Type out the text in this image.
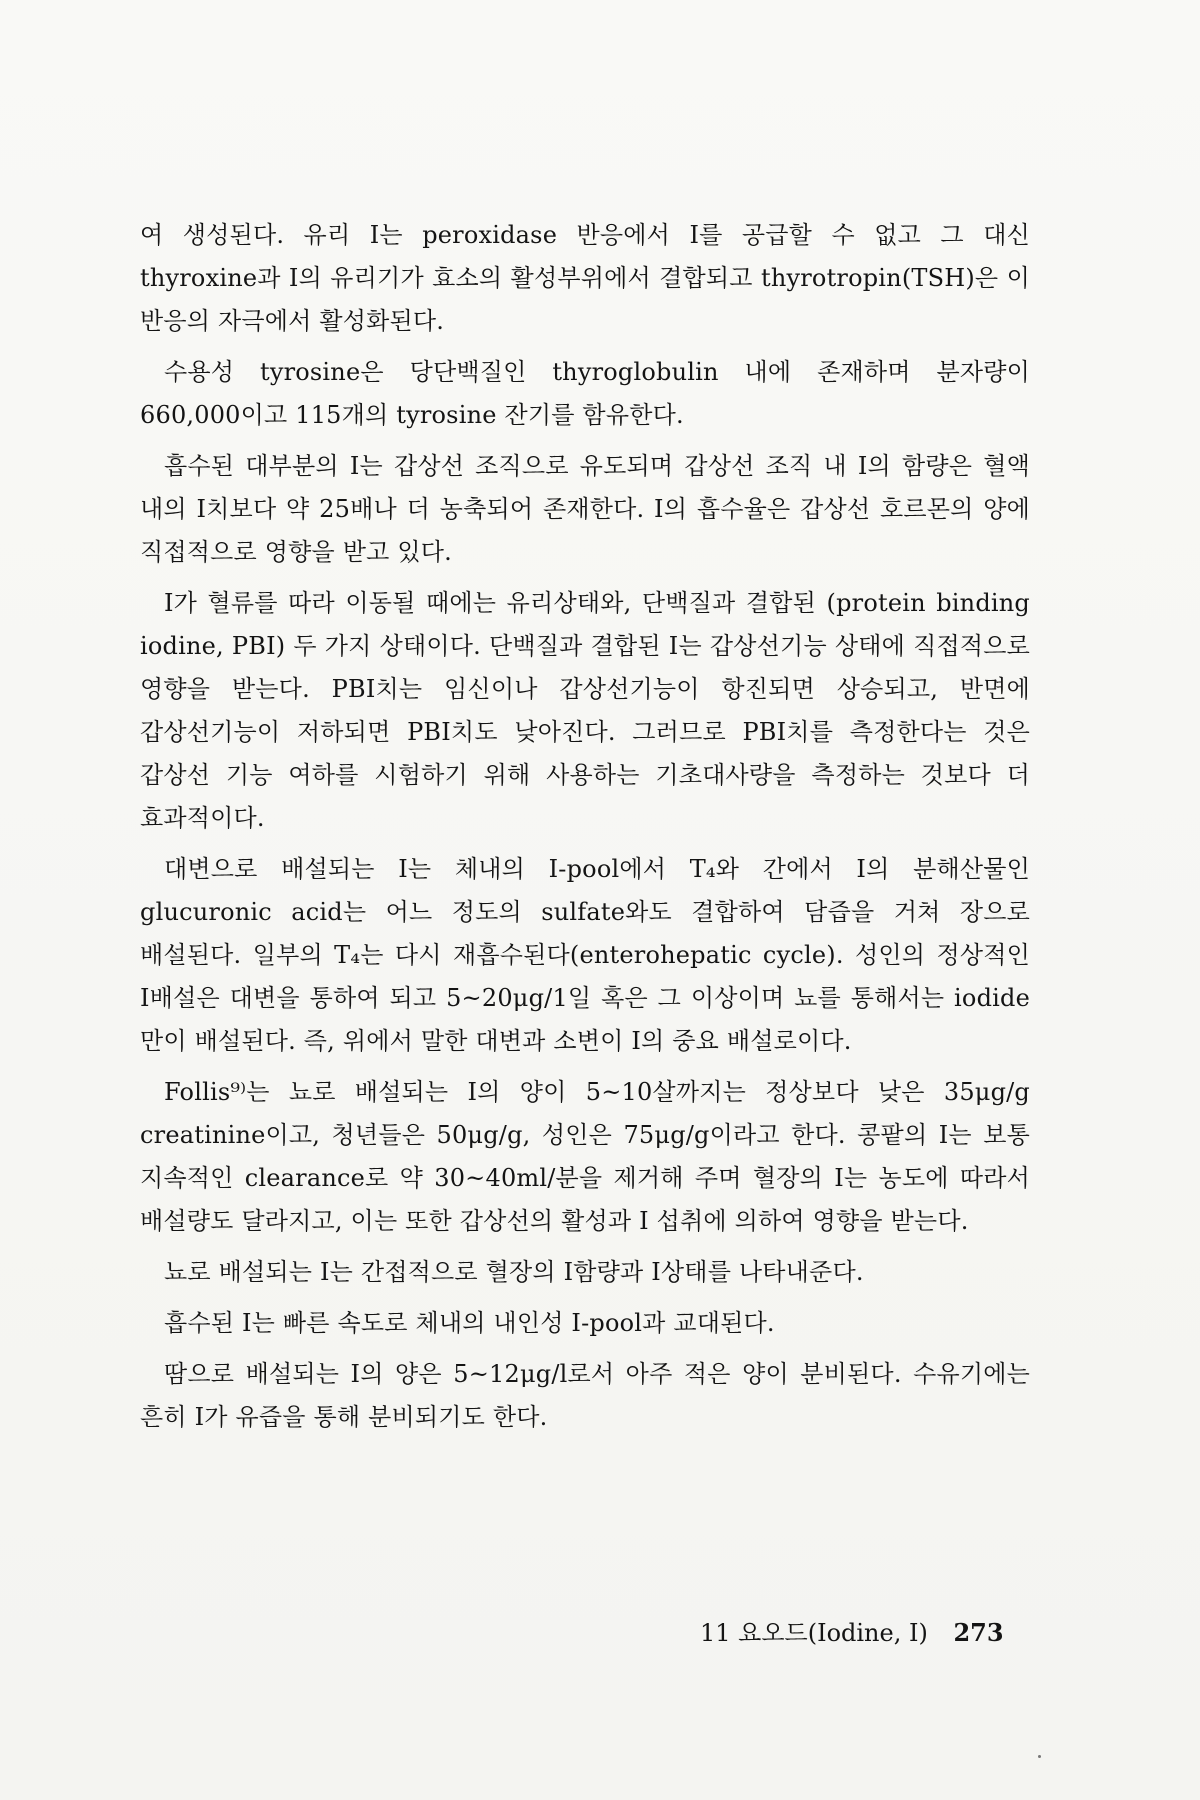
여 생성된다. 유리 I는 peroxidase 반응에서 I를 공급할 수 없고 그 대신 thyroxine과 I의 유리기가 효소의 활성부위에서 결합되고 thyrotropin(TSH)은 이 반응의 자극에서 활성화된다.

수용성 tyrosine은 당단백질인 thyroglobulin 내에 존재하며 분자량이 660,000이고 115개의 tyrosine 잔기를 함유한다.

흡수된 대부분의 I는 갑상선 조직으로 유도되며 갑상선 조직 내 I의 함량은 혈액 내의 I치보다 약 25배나 더 농축되어 존재한다. I의 흡수율은 갑상선 호르몬의 양에 직접적으로 영향을 받고 있다.

I가 혈류를 따라 이동될 때에는 유리상태와, 단백질과 결합된 (protein binding iodine, PBI) 두 가지 상태이다. 단백질과 결합된 I는 갑상선기능 상태에 직접적으로 영향을 받는다. PBI치는 임신이나 갑상선기능이 항진되면 상승되고, 반면에 갑상선기능이 저하되면 PBI치도 낮아진다. 그러므로 PBI치를 측정한다는 것은 갑상선 기능 여하를 시험하기 위해 사용하는 기초대사량을 측정하는 것보다 더 효과적이다.

대변으로 배설되는 I는 체내의 I-pool에서 T₄와 간에서 I의 분해산물인 glucuronic acid는 어느 정도의 sulfate와도 결합하여 담즙을 거쳐 장으로 배설된다. 일부의 T₄는 다시 재흡수된다(enterohepatic cycle). 성인의 정상적인 I배설은 대변을 통하여 되고 5~20μg/1일 혹은 그 이상이며 뇨를 통해서는 iodide 만이 배설된다. 즉, 위에서 말한 대변과 소변이 I의 중요 배설로이다.

Follis⁹⁾는 뇨로 배설되는 I의 양이 5~10살까지는 정상보다 낮은 35μg/g creatinine이고, 청년들은 50μg/g, 성인은 75μg/g이라고 한다. 콩팥의 I는 보통 지속적인 clearance로 약 30~40ml/분을 제거해 주며 혈장의 I는 농도에 따라서 배설량도 달라지고, 이는 또한 갑상선의 활성과 I 섭취에 의하여 영향을 받는다.

뇨로 배설되는 I는 간접적으로 혈장의 I함량과 I상태를 나타내준다.

흡수된 I는 빠른 속도로 체내의 내인성 I-pool과 교대된다.

땀으로 배설되는 I의 양은 5~12μg/l로서 아주 적은 양이 분비된다. 수유기에는 흔히 I가 유즙을 통해 분비되기도 한다.

11 요오드(Iodine, I) 273
